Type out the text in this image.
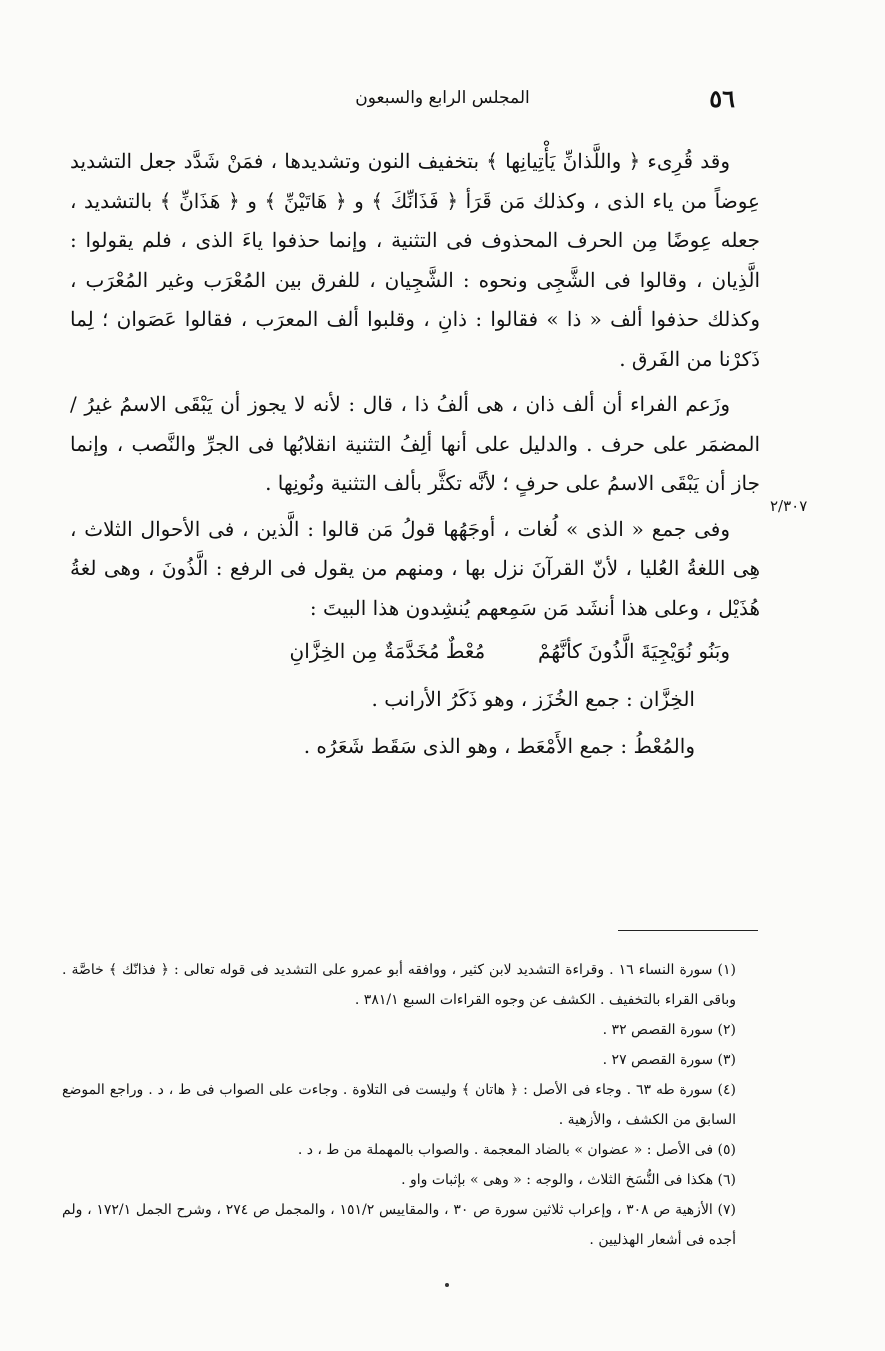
٥٦
المجلس الرابع والسبعون
٢/٣٠٧

وقد قُرِىء ﴿ واللَّذانِّ يَأْتِيانِها ﴾ بتخفيف النون وتشديدها ، فمَنْ شَدَّد جعل التشديد عِوضاً من ياء الذى ، وكذلك مَن قَرَأ ﴿ فَذَانِّكَ ﴾ و ﴿ هَاتَيْنِّ ﴾ و ﴿ هَذَانِّ ﴾ بالتشديد ، جعله عِوضًا مِن الحرف المحذوف فى التثنية ، وإنما حذفوا ياءَ الذى ، فلم يقولوا : الَّذِيان ، وقالوا فى الشَّجِى ونحوه : الشَّجِيان ، للفرق بين المُعْرَب وغير المُعْرَب ، وكذلك حذفوا ألف « ذا » فقالوا : ذانِ ، وقلبوا ألف المعرَب ، فقالوا عَصَوان ؛ لِما ذَكرْنا من الفَرق .

وزَعم الفراء أن ألف ذان ، هى ألفُ ذا ، قال : لأنه لا يجوز أن يَبْقَى الاسمُ غيرُ / المضمَر على حرف . والدليل على أنها ألِفُ التثنية انقلابُها فى الجرِّ والنَّصب ، وإنما جاز أن يَبْقَى الاسمُ على حرفٍ ؛ لأنَّه تكثَّر بألف التثنية ونُونِها .

وفى جمع « الذى » لُغات ، أوجَهُها قولُ مَن قالوا : الَّذين ، فى الأحوال الثلاث ، هِى اللغةُ العُليا ، لأنّ القرآنَ نزل بها ، ومنهم من يقول فى الرفع : الَّذُونَ ، وهى لغةُ هُذَيْل ، وعلى هذا أنشَد مَن سَمِعهم يُنشِدون هذا البيتَ :

وبَنُو نُوَيْجِيَةَ الَّذُونَ كأنَّهُمْ  مُعْطٌ مُخَدَّمَةٌ مِن الخِزَّانِ

الخِزَّان : جمع الخُزَز ، وهو ذَكَرُ الأرانب .

والمُعْطُ : جمع الأَمْعَط ، وهو الذى سَقَط شَعَرُه .

(١) سورة النساء ١٦ . وقراءة التشديد لابن كثير ، ووافقه أبو عمرو على التشديد فى قوله تعالى : ﴿ فذانّك ﴾ خاصَّة . وباقى القراء بالتخفيف . الكشف عن وجوه القراءات السبع ٣٨١/١ .

(٢) سورة القصص ٣٢ .

(٣) سورة القصص ٢٧ .

(٤) سورة طه ٦٣ . وجاء فى الأصل : ﴿ هاتان ﴾ وليست فى التلاوة . وجاءت على الصواب فى ط ، د . وراجع الموضع السابق من الكشف ، والأزهية .

(٥) فى الأصل : « عضوان » بالضاد المعجمة . والصواب بالمهملة من ط ، د .

(٦) هكذا فى النُّسَخ الثلاث ، والوجه : « وهى » بإثبات واو .

(٧) الأزهية ص ٣٠٨ ، وإعراب ثلاثين سورة ص ٣٠ ، والمقاييس ١٥١/٢ ، والمجمل ص ٢٧٤ ، وشرح الجمل ١٧٢/١ ، ولم أجده فى أشعار الهذليين .
